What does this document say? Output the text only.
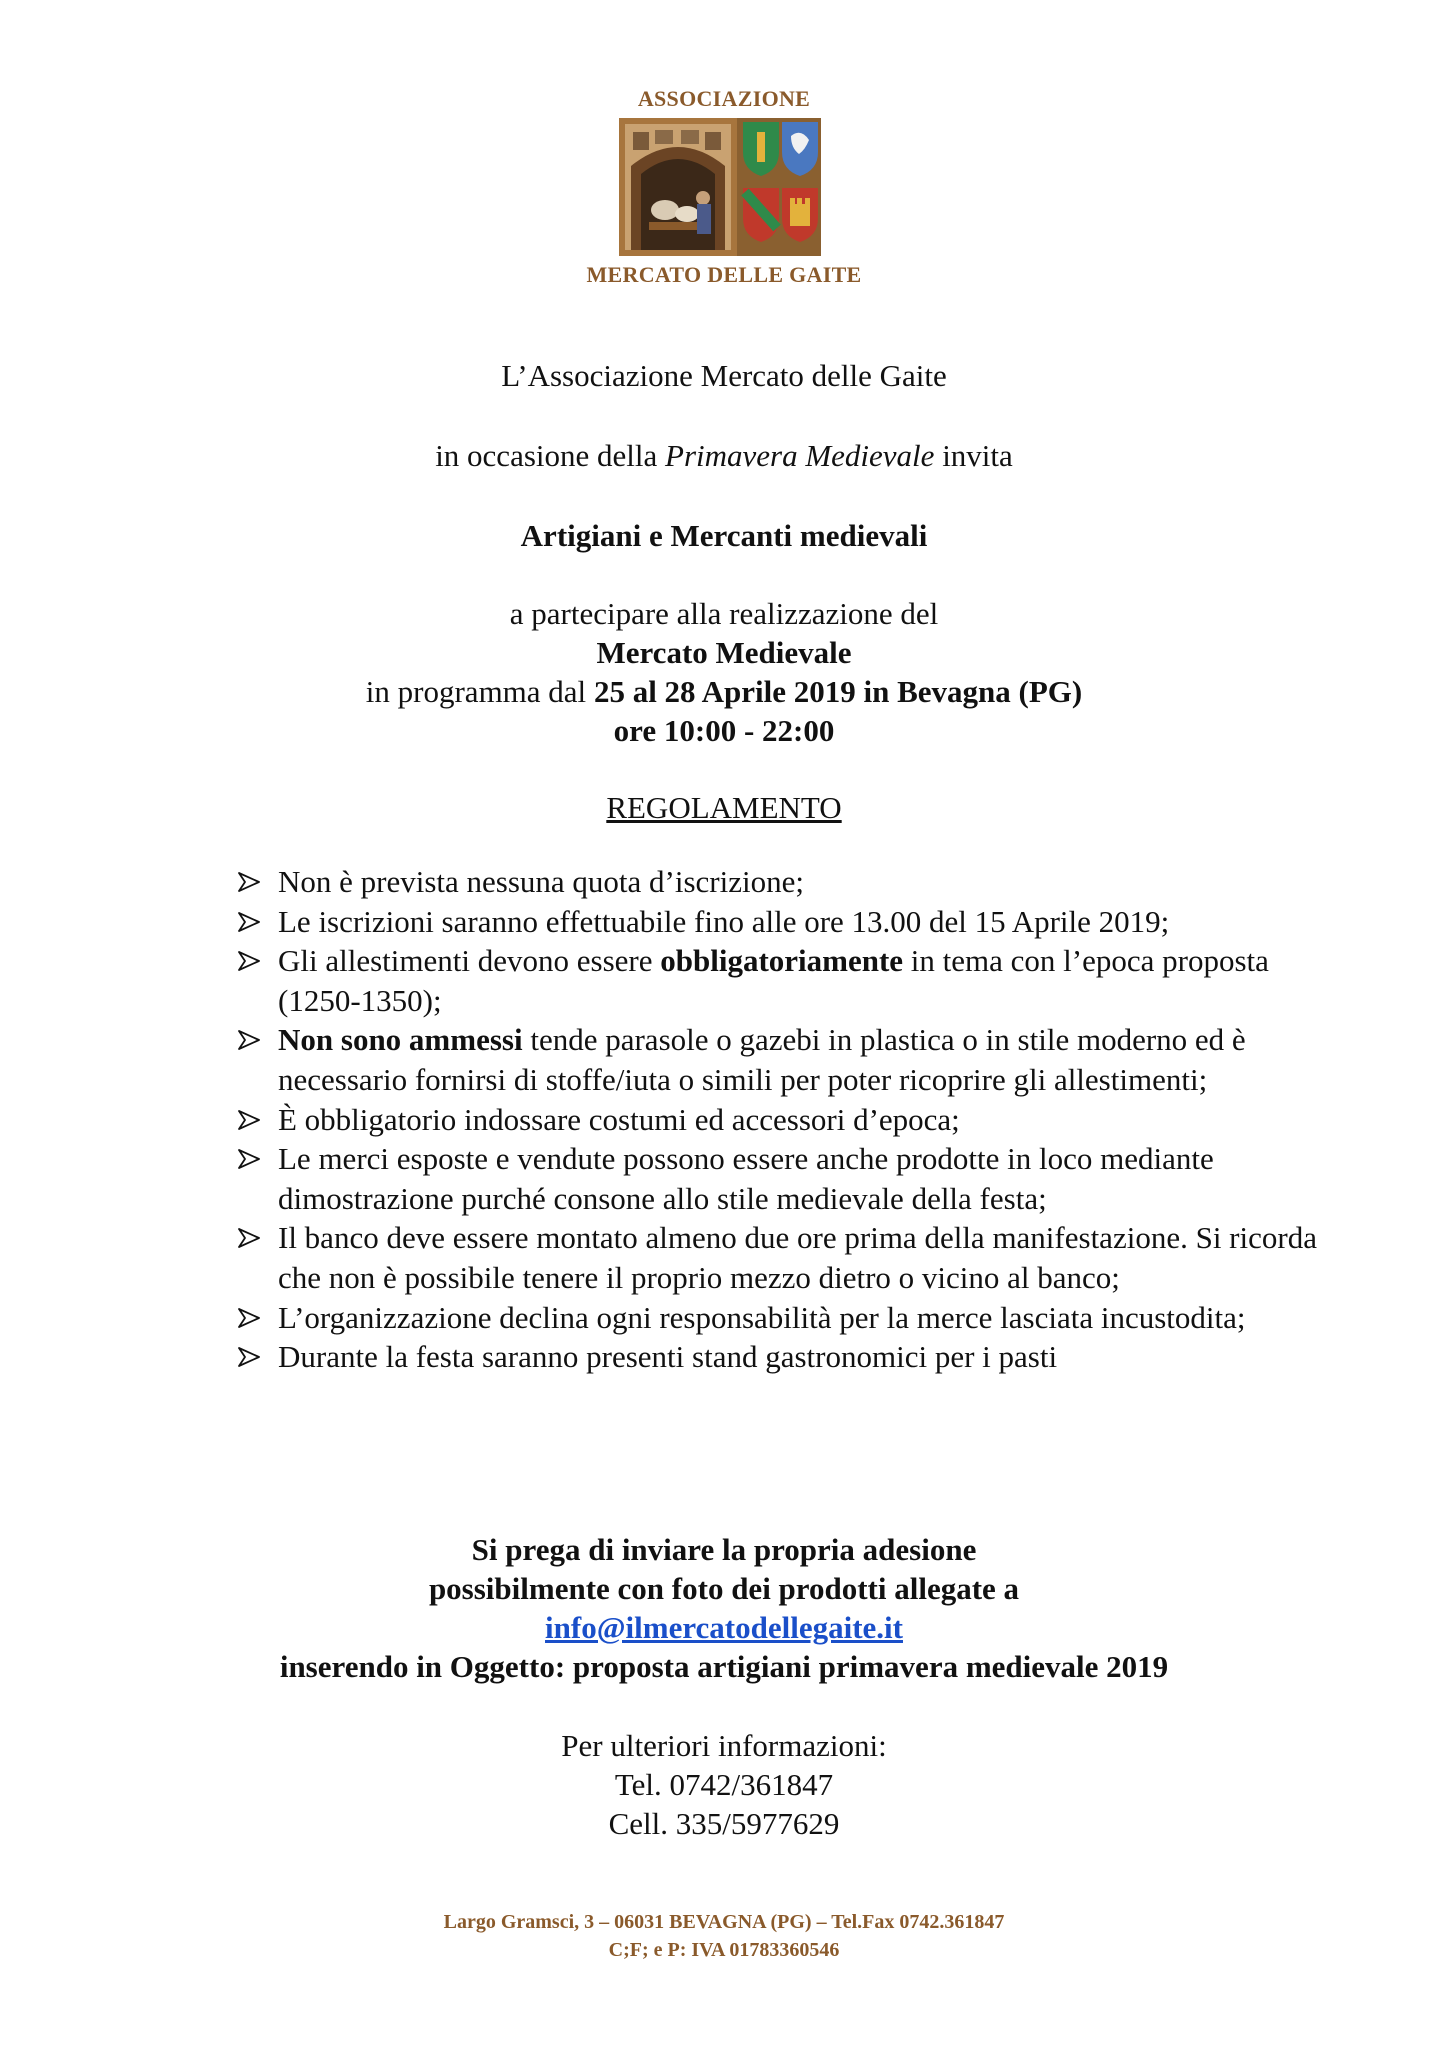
ASSOCIAZIONE
MERCATO DELLE GAITE
L’Associazione Mercato delle Gaite
in occasione della Primavera Medievale invita
Artigiani e Mercanti medievali
a partecipare alla realizzazione del
Mercato Medievale
in programma dal 25 al 28 Aprile 2019 in Bevagna (PG)
ore 10:00 - 22:00
REGOLAMENTO
Non è prevista nessuna quota d’iscrizione;
Le iscrizioni saranno effettuabile fino alle ore 13.00 del 15 Aprile 2019;
Gli allestimenti devono essere obbligatoriamente in tema con l’epoca proposta (1250-1350);
Non sono ammessi tende parasole o gazebi in plastica o in stile moderno ed è    necessario fornirsi di stoffe/iuta o simili per poter ricoprire gli allestimenti;
È obbligatorio indossare costumi ed accessori d’epoca;
Le merci esposte e vendute possono essere anche prodotte in loco mediante dimostrazione purché consone allo stile medievale della festa;
Il banco deve essere montato almeno due ore prima della manifestazione. Si ricorda che non è possibile tenere il proprio mezzo dietro o vicino al banco;
L’organizzazione declina ogni responsabilità per la merce lasciata incustodita;
Durante la festa saranno presenti stand gastronomici per i pasti
Si prega di inviare la propria adesione
possibilmente con foto dei prodotti allegate a
info@ilmercatodellegaite.it
inserendo in Oggetto: proposta artigiani primavera medievale 2019
Per ulteriori informazioni:
Tel. 0742/361847
Cell. 335/5977629
Largo Gramsci, 3 – 06031 BEVAGNA (PG) – Tel.Fax 0742.361847
C;F; e P: IVA 01783360546
